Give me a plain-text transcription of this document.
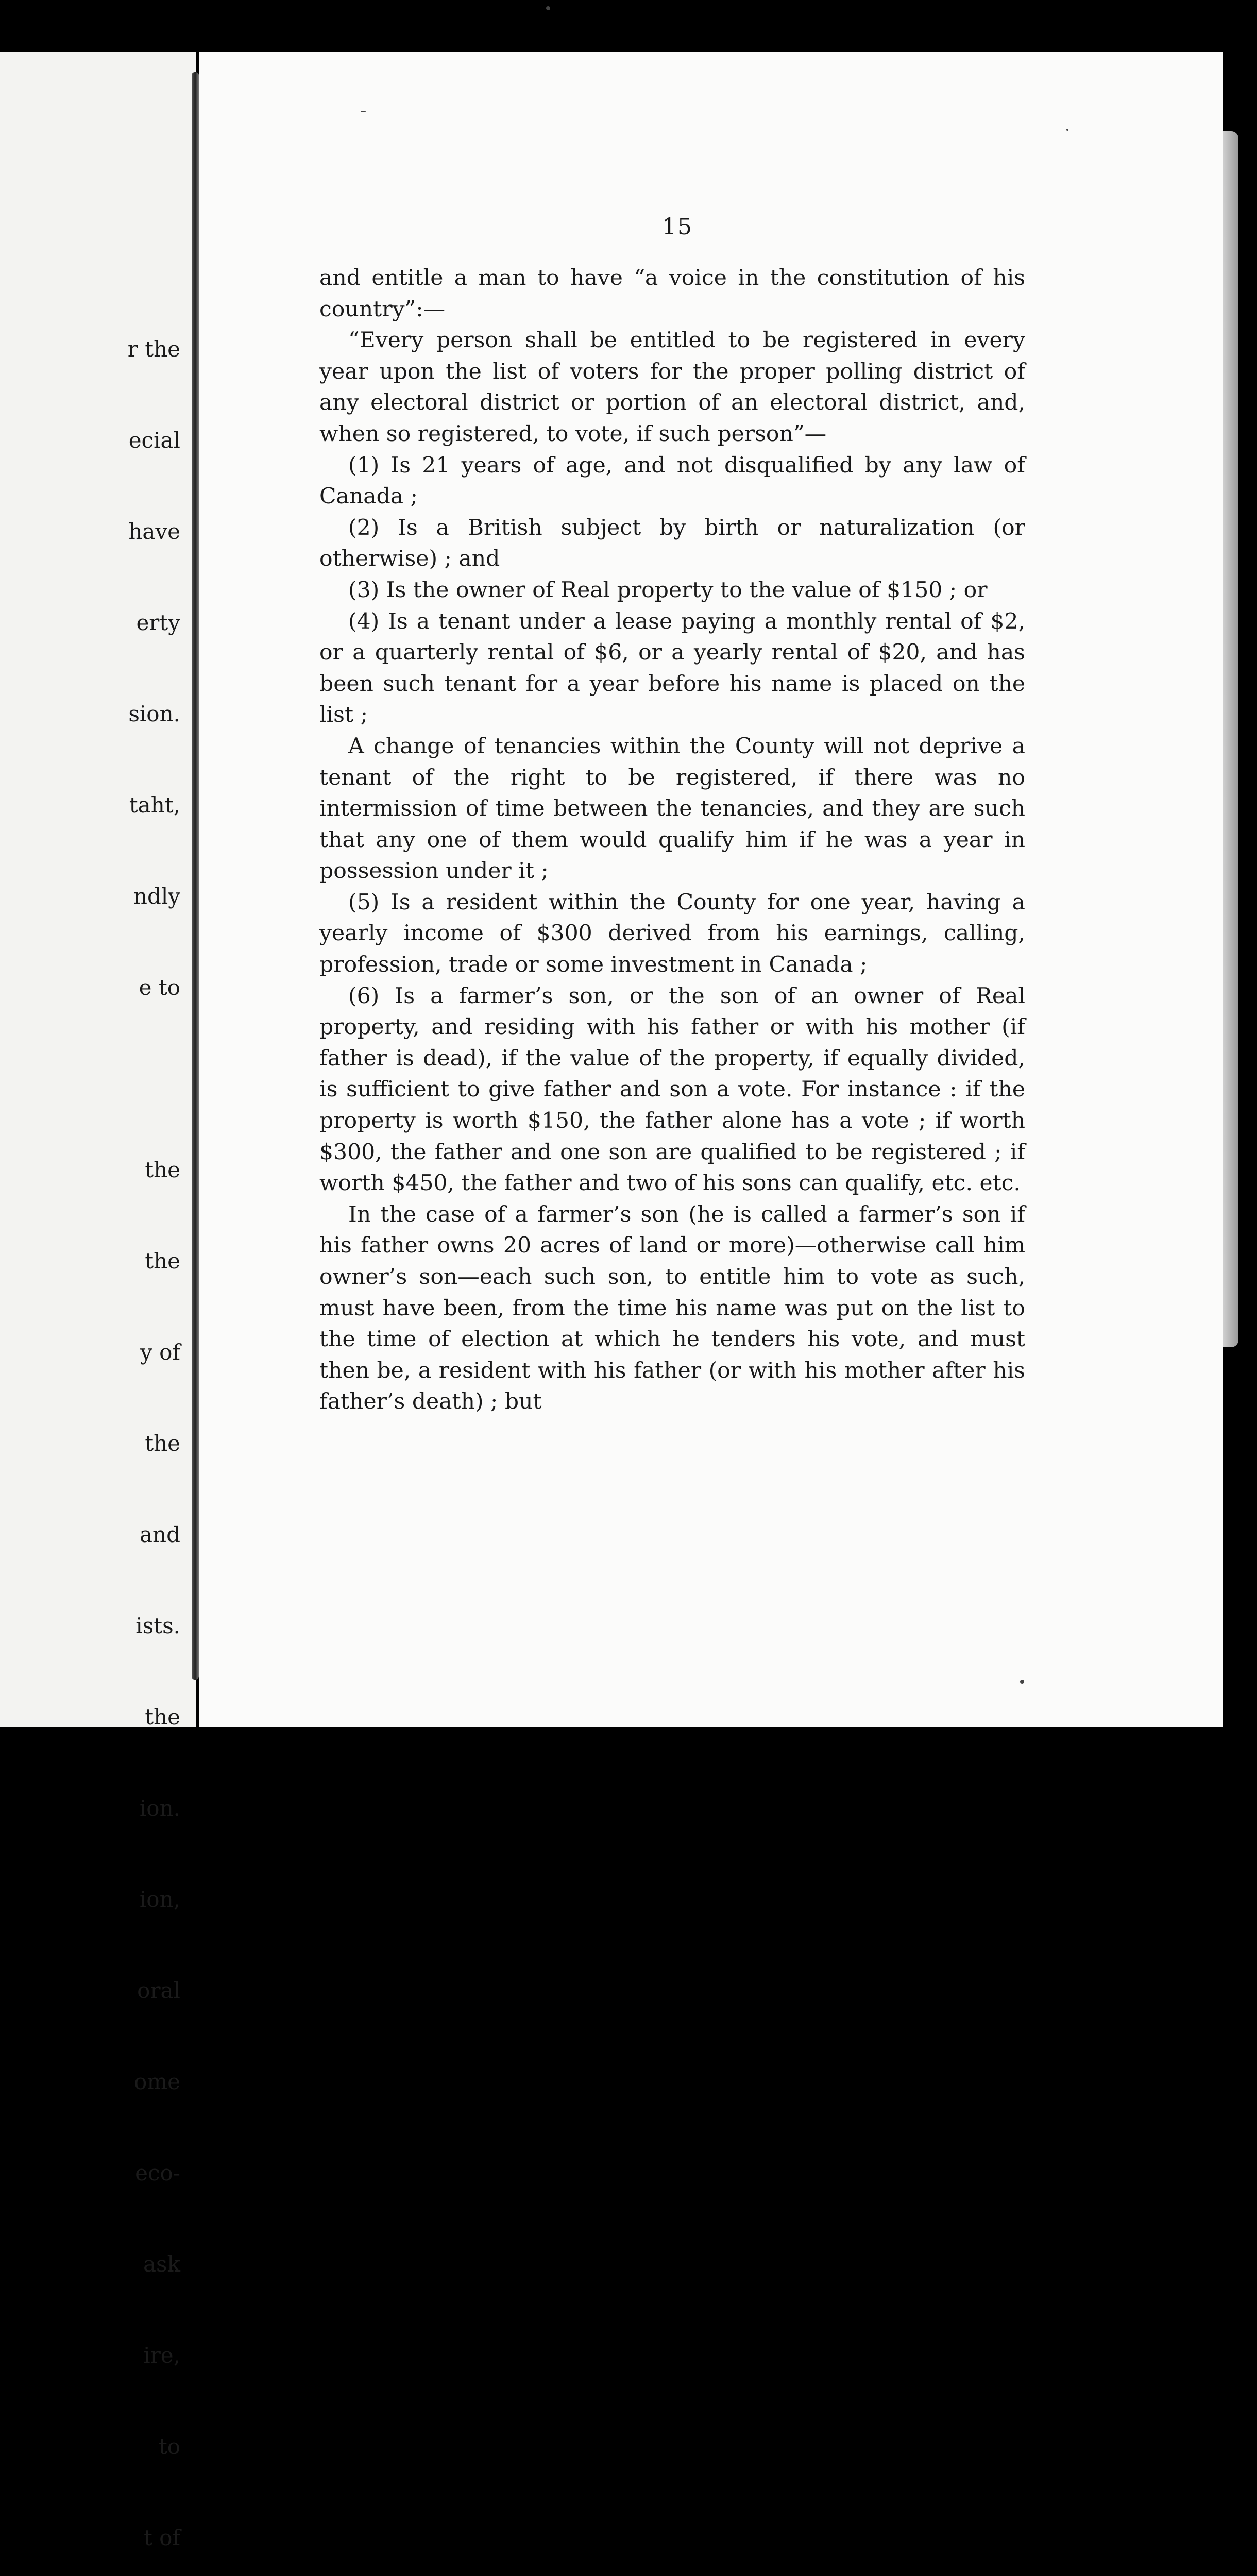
r the

ecial

have

erty

sion.

taht,

ndly

e to

the

the

y of

the

and

ists.

the

ion.

ion,

oral

ome

eco-

ask

ire,

to

t of

15

and entitle a man to have “a voice in the constitution of his country”:—

“Every person shall be entitled to be registered in every year upon the list of voters for the proper polling district of any electoral district or portion of an electoral district, and, when so registered, to vote, if such person”—

(1) Is 21 years of age, and not disqualified by any law of Canada ;

(2) Is a British subject by birth or naturalization (or otherwise) ; and

(3) Is the owner of Real property to the value of $150 ; or

(4) Is a tenant under a lease paying a monthly rental of $2, or a quarterly rental of $6, or a yearly rental of $20, and has been such tenant for a year before his name is placed on the list ;

A change of tenancies within the County will not deprive a tenant of the right to be registered, if there was no intermission of time between the tenancies, and they are such that any one of them would qualify him if he was a year in possession under it ;

(5) Is a resident within the County for one year, having a yearly income of $300 derived from his earnings, calling, profession, trade or some investment in Canada ;

(6) Is a farmer’s son, or the son of an owner of Real property, and residing with his father or with his mother (if father is dead), if the value of the property, if equally divided, is sufficient to give father and son a vote. For instance : if the property is worth $150, the father alone has a vote ; if worth $300, the father and one son are qualified to be registered ; if worth $450, the father and two of his sons can qualify, etc. etc.

In the case of a farmer’s son (he is called a farmer’s son if his father owns 20 acres of land or more)—otherwise call him owner’s son—each such son, to entitle him to vote as such, must have been, from the time his name was put on the list to the time of election at which he tenders his vote, and must then be, a resident with his father (or with his mother after his father’s death) ; but
